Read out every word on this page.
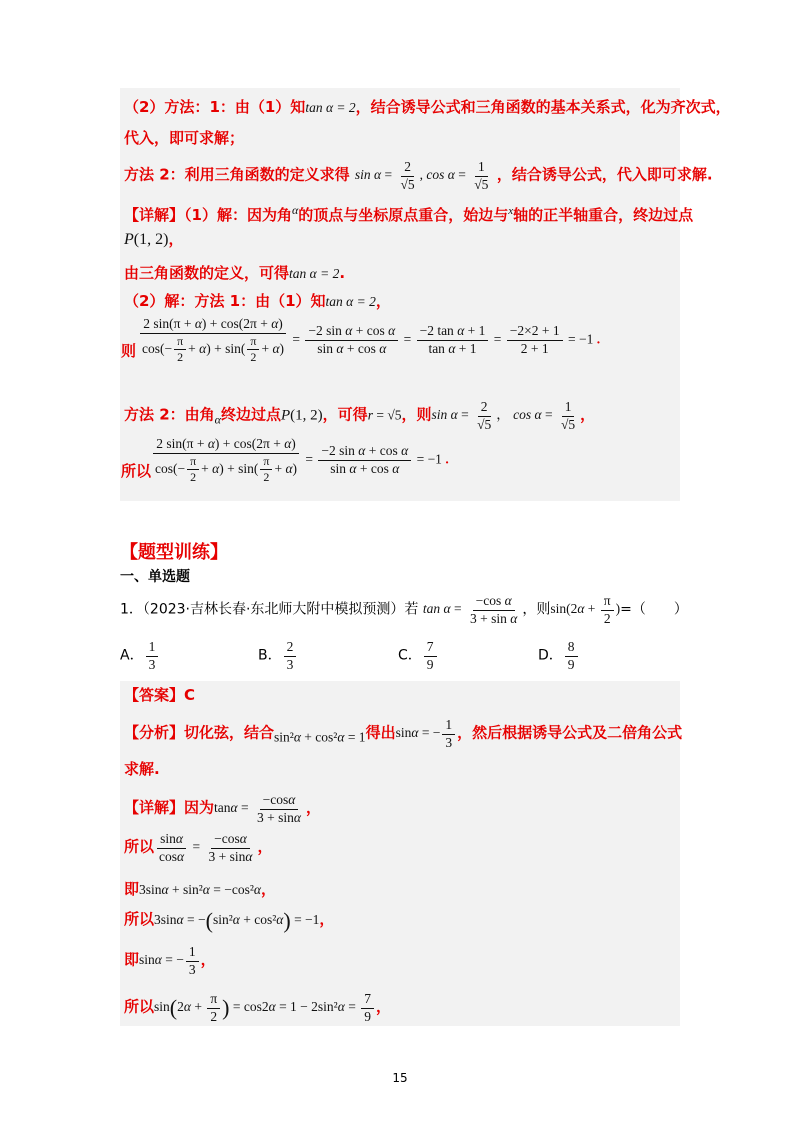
（2）方法：1：由（1）知tan α = 2，结合诱导公式和三角函数的基本关系式，化为齐次式，
代入，即可求解；
方法 2：利用三角函数的定义求得 $\sin \alpha = \frac{2}{√5}$ , $\cos \alpha = \frac{1}{√5}$ ，结合诱导公式，代入即可求解.
【详解】（1）解：因为角$^\alpha$的顶点与坐标原点重合，始边与$^x$轴的正半轴重合，终边过点
P(1, 2)，
由三角函数的定义，可得tan α = 2.
（2）解：方法 1：由（1）知tan α = 2，
则 $\frac{2 \sin(\pi + \alpha) + \cos(2\pi + \alpha)}{\cos(- \frac{\pi}{2} + \alpha) + \sin( \frac{\pi}{2} + \alpha)} = \frac{\text{−2 sin α + cos α}}{\text{sin α + cos α}} = \frac{\text{−2 tan α + 1}}{\text{tan α + 1}} = \frac{-2\times 2 + 1}{2 + 1} = -1$ .
方法 2：由角$_\alpha$终边过点P(1, 2)，可得r = √5，则$\sin \alpha = \frac{2}{√5}$ ， $\cos \alpha = \frac{1}{√5}$ ，
所以 $\frac{2 \sin(\pi + \alpha) + \cos(2\pi + \alpha)}{\cos(- \frac{\pi}{2} + \alpha) + \sin( \frac{\pi}{2} + \alpha)} = \frac{\text{−2 sin α + cos α}}{\text{sin α + cos α}} = -1$ .
【题型训练】
一、单选题
1．（2023·吉林长春·东北师大附中模拟预测）若 $\tan \alpha = \frac{\text{−cos α}}{\text{3 + sin α}}$ ，则$\sin(2\alpha + \frac{\pi}{2}$ )=（　　）
A． $\frac{1}{3}$	B． $\frac{2}{3}$	C． $\frac{7}{9}$	D． $\frac{8}{9}$
【答案】C
【分析】切化弦，结合sin²α + cos²α = 1得出sinα = − $\frac{1}{3}$ ，然后根据诱导公式及二倍角公式
求解.
【详解】因为$\tan\alpha = \frac{-\cos\alpha}{3 + \sin\alpha}$ ，
所以 $\frac{\sin\alpha}{\cos\alpha} = \frac{-\cos\alpha}{3 + \sin\alpha}$ ，
即3sinα + sin²α = −cos²α，
所以3sinα = −(sin²α + cos²α) = −1，
即sinα = − $\frac{1}{3}$ ，
所以$\sin(2\alpha + \frac{\pi}{2}$ ) = $\cos 2\alpha = 1 - 2\sin^2\alpha = \frac{7}{9}$ ，
15
